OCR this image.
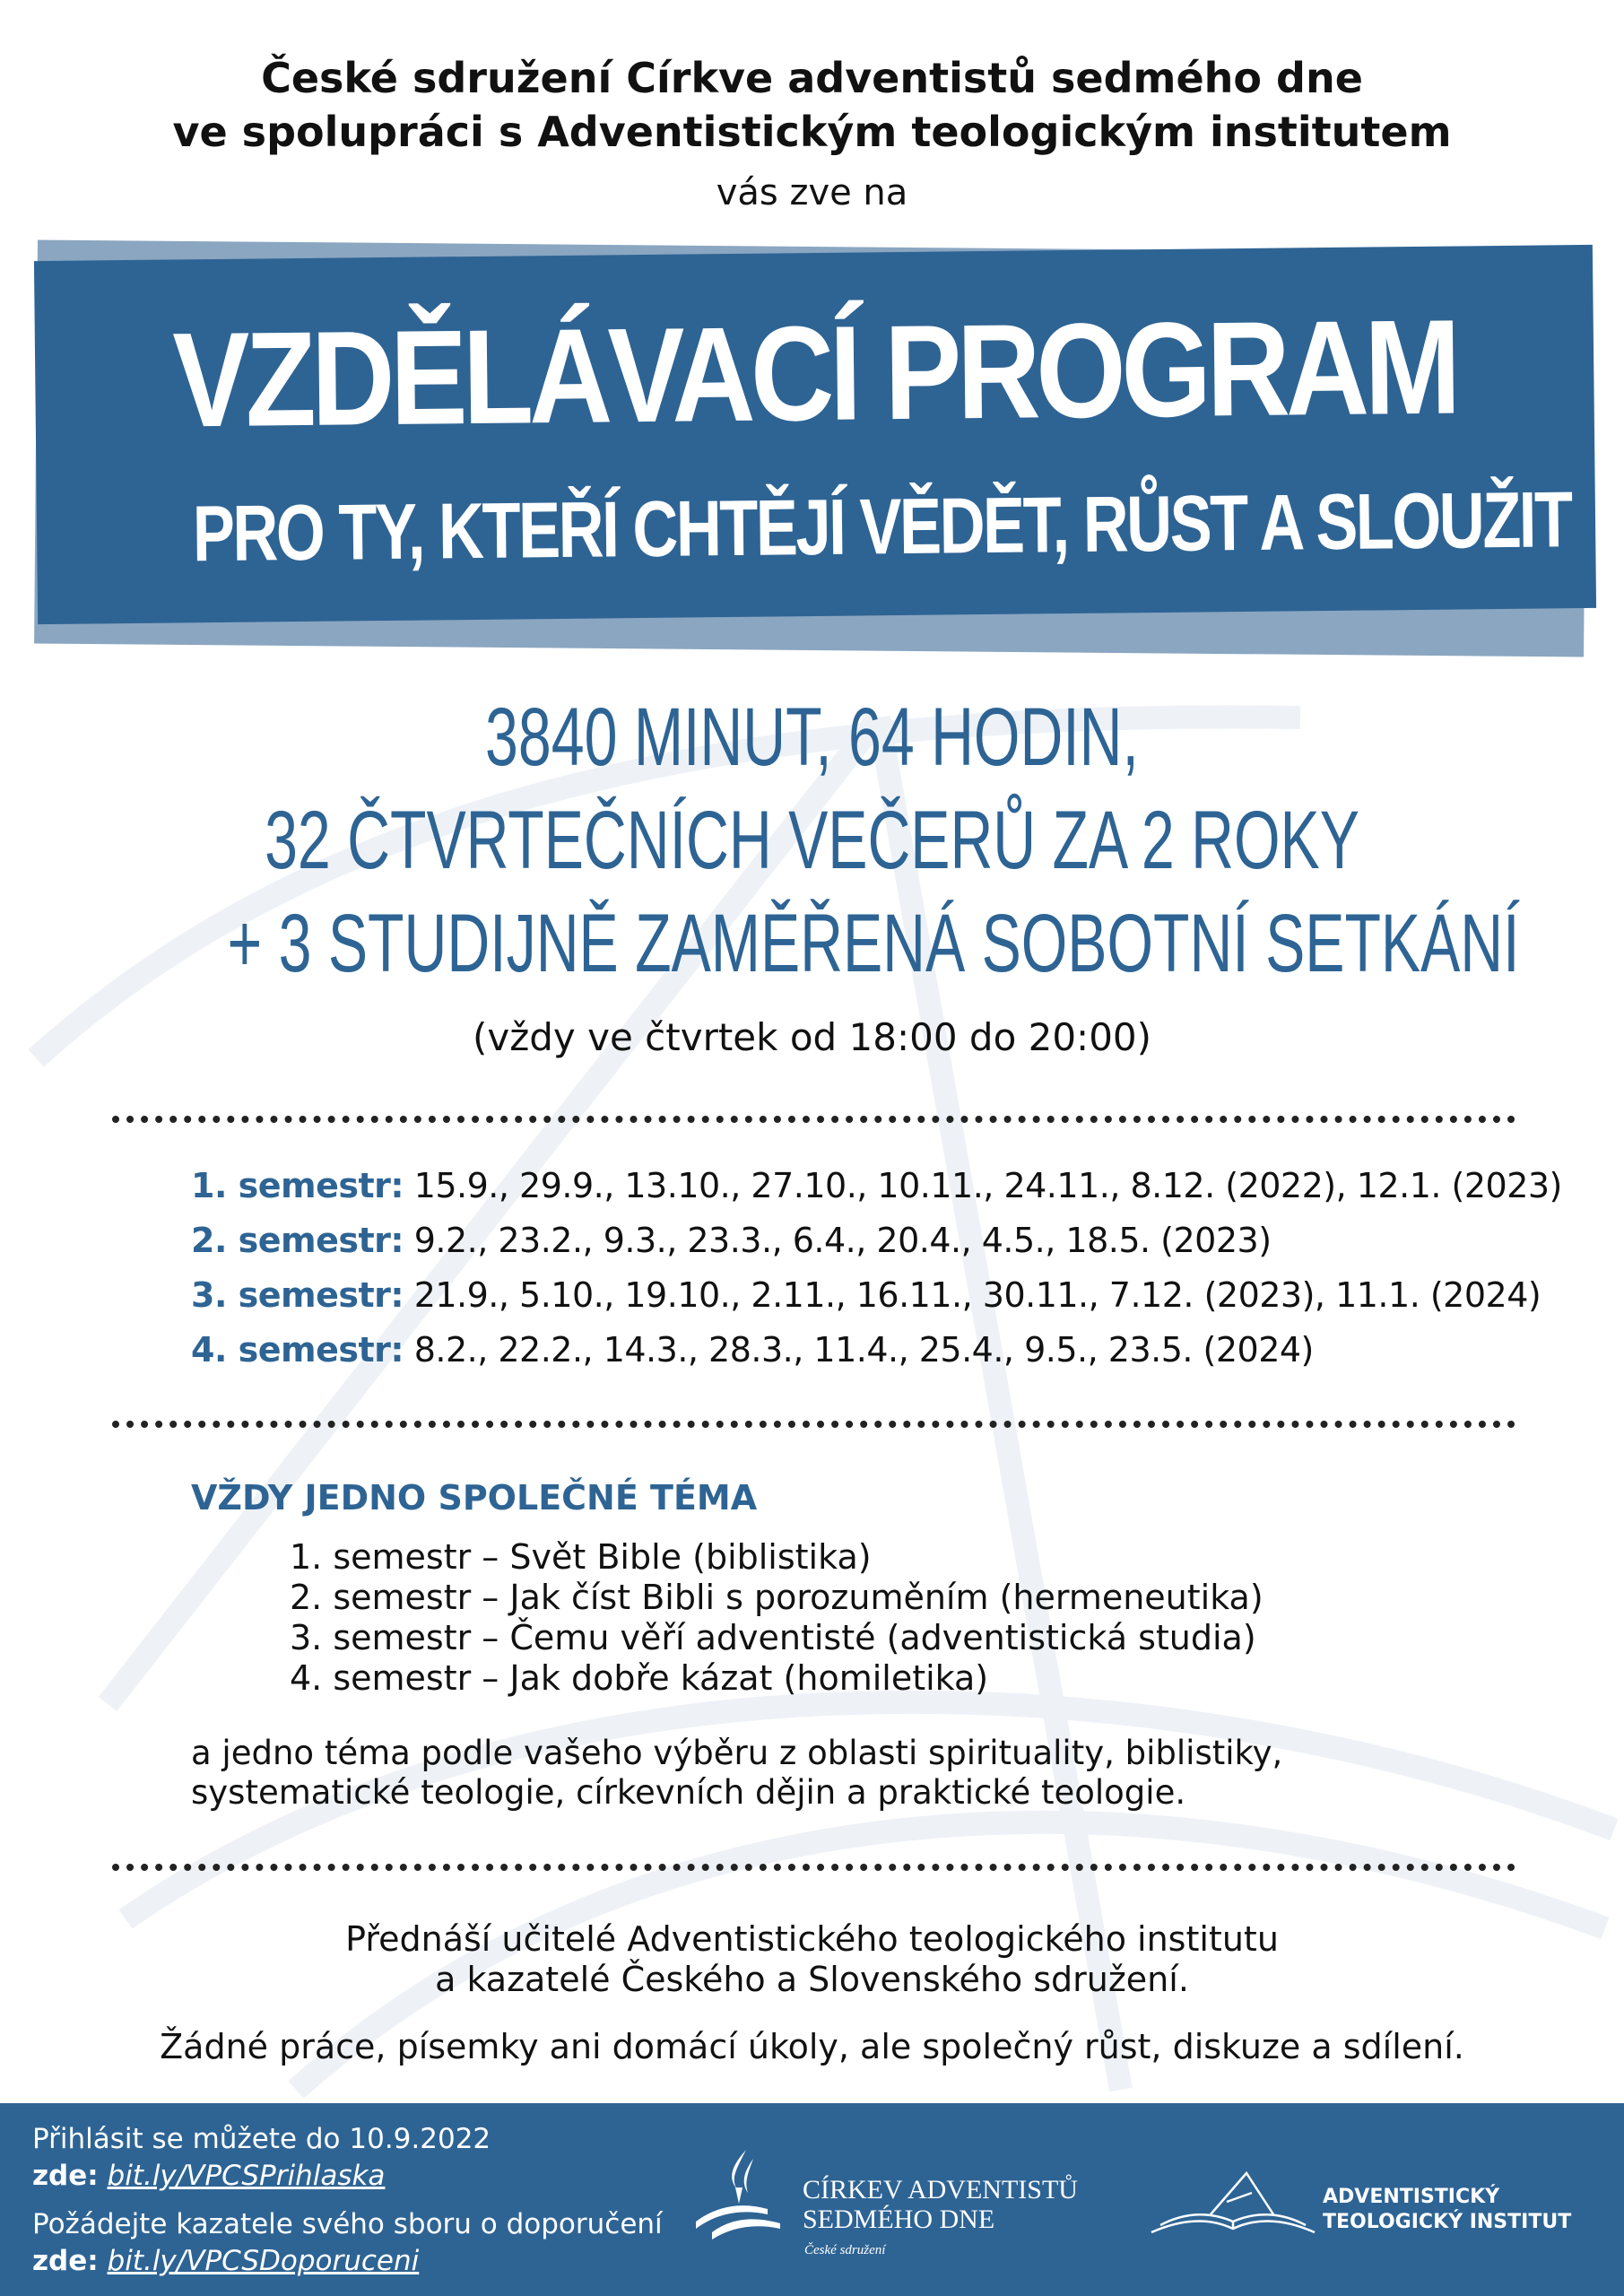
České sdružení Církve adventistů sedmého dne
ve spolupráci s Adventistickým teologickým institutem
vás zve na
VZDĚLÁVACÍ PROGRAM
PRO TY, KTEŘÍ CHTĚJÍ VĚDĚT, RŮST A SLOUŽIT
3840 MINUT, 64 HODIN,
32 ČTVRTEČNÍCH VEČERŮ ZA 2 ROKY
+ 3 STUDIJNĚ ZAMĚŘENÁ SOBOTNÍ SETKÁNÍ
(vždy ve čtvrtek od 18:00 do 20:00)
1. semestr: 15.9., 29.9., 13.10., 27.10., 10.11., 24.11., 8.12. (2022), 12.1. (2023)
2. semestr: 9.2., 23.2., 9.3., 23.3., 6.4., 20.4., 4.5., 18.5. (2023)
3. semestr: 21.9., 5.10., 19.10., 2.11., 16.11., 30.11., 7.12. (2023), 11.1. (2024)
4. semestr: 8.2., 22.2., 14.3., 28.3., 11.4., 25.4., 9.5., 23.5. (2024)
VŽDY JEDNO SPOLEČNÉ TÉMA
1. semestr – Svět Bible (biblistika)
2. semestr – Jak číst Bibli s porozuměním (hermeneutika)
3. semestr – Čemu věří adventisté (adventistická studia)
4. semestr – Jak dobře kázat (homiletika)
a jedno téma podle vašeho výběru z oblasti spirituality, biblistiky,
systematické teologie, církevních dějin a praktické teologie.
Přednáší učitelé Adventistického teologického institutu
a kazatelé Českého a Slovenského sdružení.
Žádné práce, písemky ani domácí úkoly, ale společný růst, diskuze a sdílení.
Přihlásit se můžete do 10.9.2022
zde: bit.ly/VPCSPrihlaska
Požádejte kazatele svého sboru o doporučení
zde: bit.ly/VPCSDoporuceni
CÍRKEV ADVENTISTŮ
SEDMÉHO DNE
České sdružení
ADVENTISTICKÝ
TEOLOGICKÝ INSTITUT
